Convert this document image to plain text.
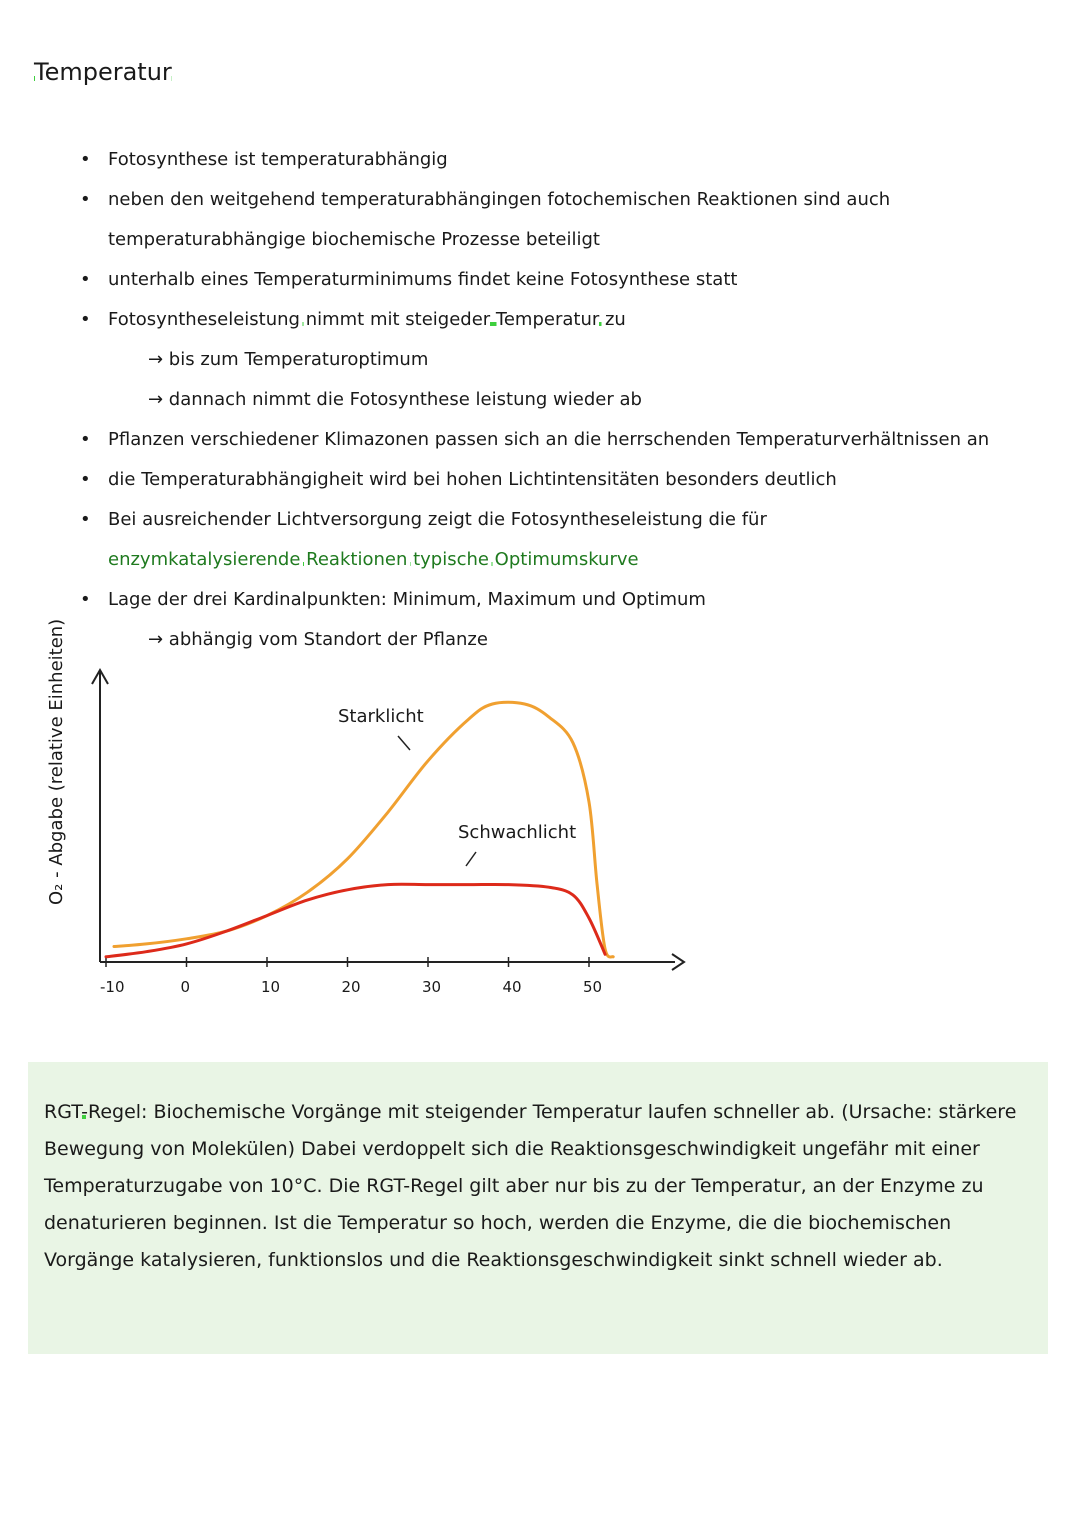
Temperatur
• Fotosynthese ist temperaturabhängig
• neben den weitgehend temperaturabhängingen fotochemischen Reaktionen sind auch temperaturabhängige biochemische Prozesse beteiligt
• unterhalb eines Temperaturminimums findet keine Fotosynthese statt
• Fotosyntheseleistung nimmt mit steigeder Temperatur zu
→ bis zum Temperaturoptimum
→ dannach nimmt die Fotosynthese leistung wieder ab
• Pflanzen verschiedener Klimazonen passen sich an die herrschenden Temperaturverhältnissen an
• die Temperaturabhängigheit wird bei hohen Lichtintensitäten besonders deutlich
• Bei ausreichender Lichtversorgung zeigt die Fotosyntheseleistung die für
enzymkatalysierende Reaktionen typische Optimumskurve
• Lage der drei Kardinalpunkten: Minimum, Maximum und Optimum
→ abhängig vom Standort der Pflanze
O₂ - Abgabe (relative Einheiten)
-10	0	10	20	30	40	50
Starklicht
Schwachlicht
RGT-Regel: Biochemische Vorgänge mit steigender Temperatur laufen schneller ab. (Ursache: stärkere Bewegung von Molekülen) Dabei verdoppelt sich die Reaktionsgeschwindigkeit ungefähr mit einer Temperaturzugabe von 10°C. Die RGT-Regel gilt aber nur bis zu der Temperatur, an der Enzyme zu denaturieren beginnen. Ist die Temperatur so hoch, werden die Enzyme, die die biochemischen Vorgänge katalysieren, funktionslos und die Reaktionsgeschwindigkeit sinkt schnell wieder ab.
